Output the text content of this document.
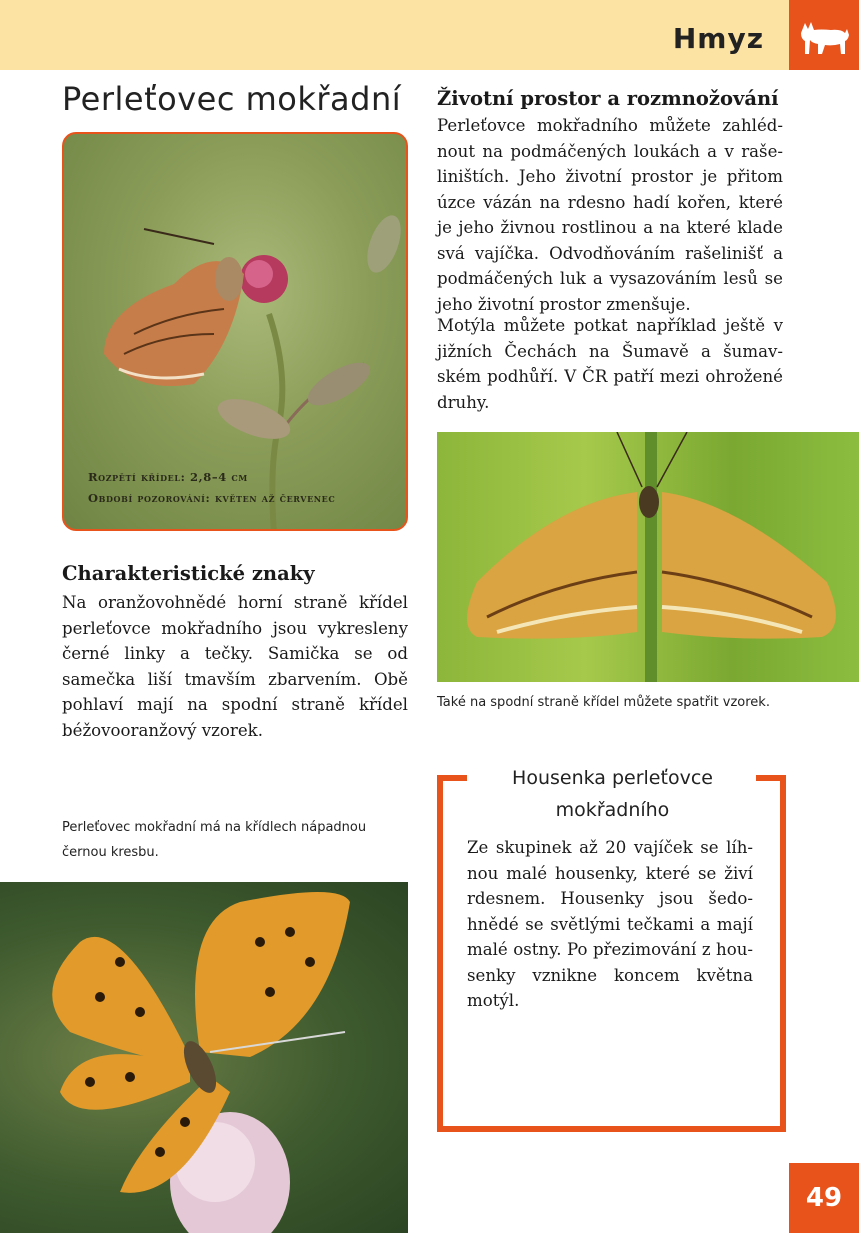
Hmyz
Perleťovec mokřadní
Rozpětí křídel: 2,8–4 cm
Období pozorování: květen až červenec
Charakteristické znaky
Na oranžovohnědé horní straně křídel perleťovce mokřadního jsou vykresleny černé linky a tečky. Samička se od samečka liší tmavším zbarvením. Obě pohlaví mají na spodní straně křídel béžovooranžový vzorek.
Životní prostor a rozmnožování
Perleťovce mokřadního můžete zahlédnout na podmáčených loukách a v rašeliništích. Jeho životní prostor je přitom úzce vázán na rdesno hadí kořen, které je jeho živnou rostlinou a na které klade svá vajíčka. Odvodňováním rašelinišť a podmáčených luk a vysazováním lesů se jeho životní prostor zmenšuje.
Motýla můžete potkat například ještě v jižních Čechách na Šumavě a šumavském podhůří. V ČR patří mezi ohrožené druhy.
Také na spodní straně křídel můžete spatřit vzorek.
Perleťovec mokřadní má na křídlech nápadnou černou kresbu.
Housenka perleťovce mokřadního
Ze skupinek až 20 vajíček se líhnou malé housenky, které se živí rdesnem. Housenky jsou šedohnědé se světlými tečkami a mají malé ostny. Po přezimování z housenky vznikne koncem května motýl.
49
